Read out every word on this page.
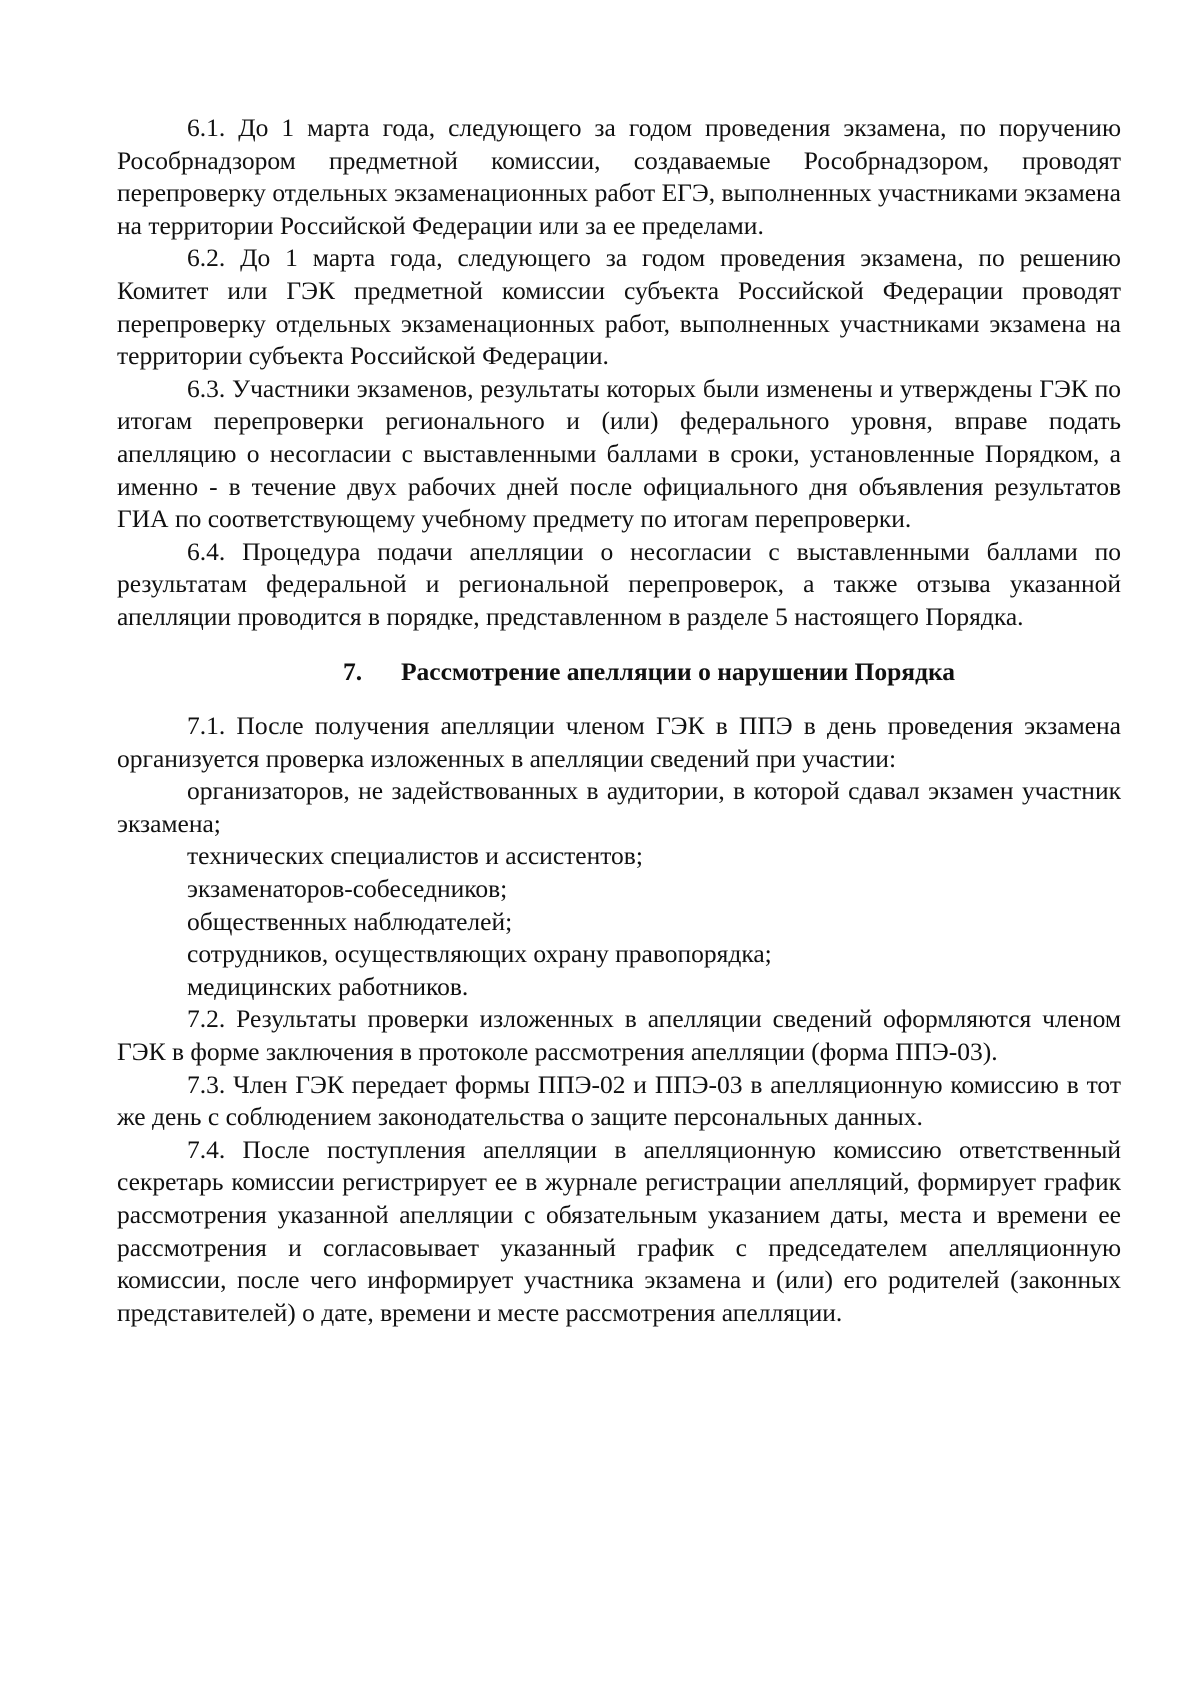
6.1. До 1 марта года, следующего за годом проведения экзамена, по поручению Рособрнадзором предметной комиссии, создаваемые Рособрнадзором, проводят перепроверку отдельных экзаменационных работ ЕГЭ, выполненных участниками экзамена на территории Российской Федерации или за ее пределами.

6.2. До 1 марта года, следующего за годом проведения экзамена, по решению Комитет или ГЭК предметной комиссии субъекта Российской Федерации проводят перепроверку отдельных экзаменационных работ, выполненных участниками экзамена на территории субъекта Российской Федерации.

6.3. Участники экзаменов, результаты которых были изменены и утверждены ГЭК по итогам перепроверки регионального и (или) федерального уровня, вправе подать апелляцию о несогласии с выставленными баллами в сроки, установленные Порядком, а именно - в течение двух рабочих дней после официального дня объявления результатов ГИА по соответствующему учебному предмету по итогам перепроверки.

6.4. Процедура подачи апелляции о несогласии с выставленными баллами по результатам федеральной и региональной перепроверок, а также отзыва указанной апелляции проводится в порядке, представленном в разделе 5 настоящего Порядка.

7. Рассмотрение апелляции о нарушении Порядка

7.1. После получения апелляции членом ГЭК в ППЭ в день проведения экзамена организуется проверка изложенных в апелляции сведений при участии:

организаторов, не задействованных в аудитории, в которой сдавал экзамен участник экзамена;

технических специалистов и ассистентов;

экзаменаторов-собеседников;

общественных наблюдателей;

сотрудников, осуществляющих охрану правопорядка;

медицинских работников.

7.2. Результаты проверки изложенных в апелляции сведений оформляются членом ГЭК в форме заключения в протоколе рассмотрения апелляции (форма ППЭ-03).

7.3. Член ГЭК передает формы ППЭ-02 и ППЭ-03 в апелляционную комиссию в тот же день с соблюдением законодательства о защите персональных данных.

7.4. После поступления апелляции в апелляционную комиссию ответственный секретарь комиссии регистрирует ее в журнале регистрации апелляций, формирует график рассмотрения указанной апелляции с обязательным указанием даты, места и времени ее рассмотрения и согласовывает указанный график с председателем апелляционную комиссии, после чего информирует участника экзамена и (или) его родителей (законных представителей) о дате, времени и месте рассмотрения апелляции.
